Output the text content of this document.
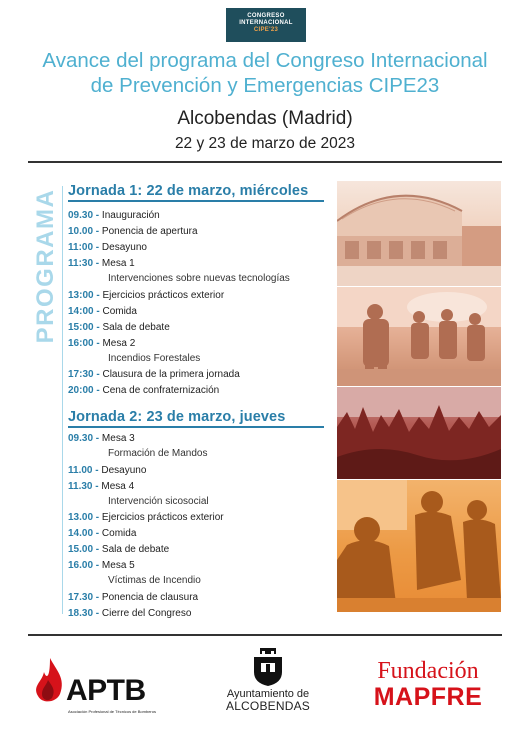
CONGRESO
INTERNACIONAL
CIPE'23
Avance del programa del Congreso Internacional
de Prevención y Emergencias CIPE23
Alcobendas (Madrid)
22 y 23 de marzo de 2023
PROGRAMA Jornada 1: 22 de marzo, miércoles
09.30 - Inauguración
10.00 - Ponencia de apertura
11:00 - Desayuno
11:30 - Mesa 1
Intervenciones sobre nuevas tecnologías
13:00 - Ejercicios prácticos exterior
14:00 - Comida
15:00 - Sala de debate
16:00 - Mesa 2
Incendios Forestales
17:30 - Clausura de la primera jornada
20:00 - Cena de confraternización
Jornada 2: 23 de marzo, jueves
09.30 - Mesa 3
Formación de Mandos
11.00 - Desayuno
11.30 - Mesa 4
Intervención sicosocial
13.00 - Ejercicios prácticos exterior
14.00 - Comida
15.00 - Sala de debate
16.00 - Mesa 5
Víctimas de Incendio
17.30 - Ponencia de clausura
18.30 - Cierre del Congreso
APTB
Asociación Profesional de Técnicos de Bomberos
Ayuntamiento de
ALCOBENDAS
Fundación
MAPFRE
